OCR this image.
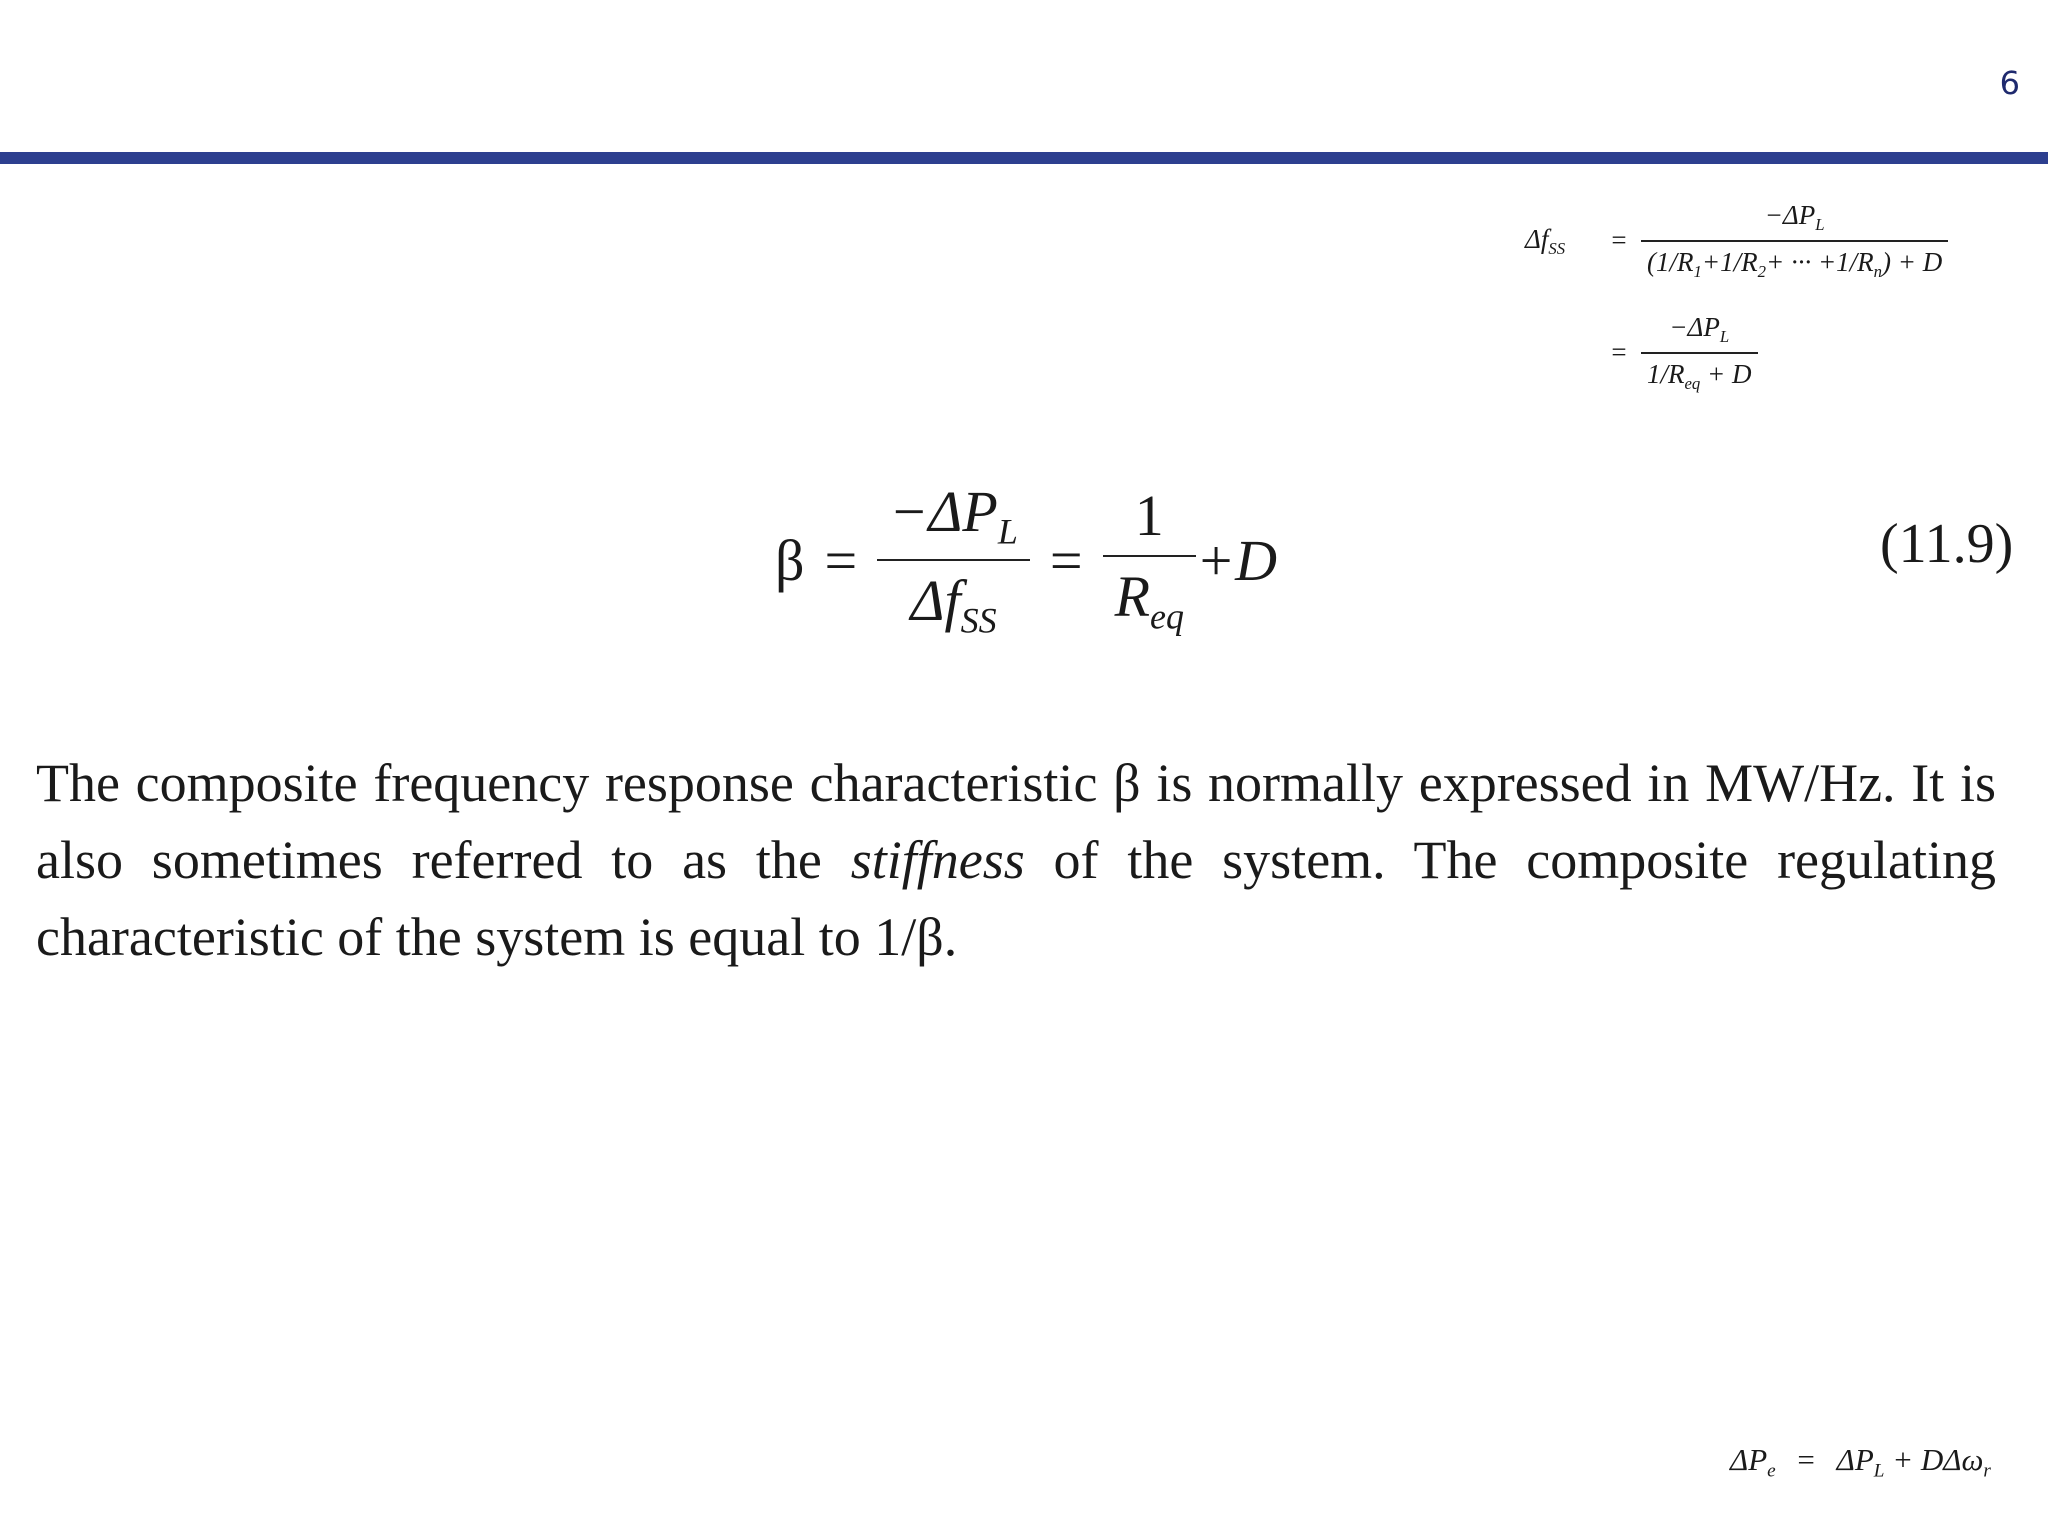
6
$\Delta f_{SS}$	= $\frac{-\Delta P_L}{(1/R_1+1/R_2+ \cdot\cdot\cdot +1/R_n) + D}$
= $\frac{-\Delta P_L}{1/R_{eq} + D}$
$\beta = \frac{-\Delta P_L}{\Delta f_{SS}} = \frac{1}{R_{eq}} +D$	(11.9)

The composite frequency response characteristic β is normally expressed in MW/Hz. It is also sometimes referred to as the stiffness of the system. The composite regulating characteristic of the system is equal to 1/β.

$\Delta P_e = \Delta P_L + D\Delta\omega_r$
